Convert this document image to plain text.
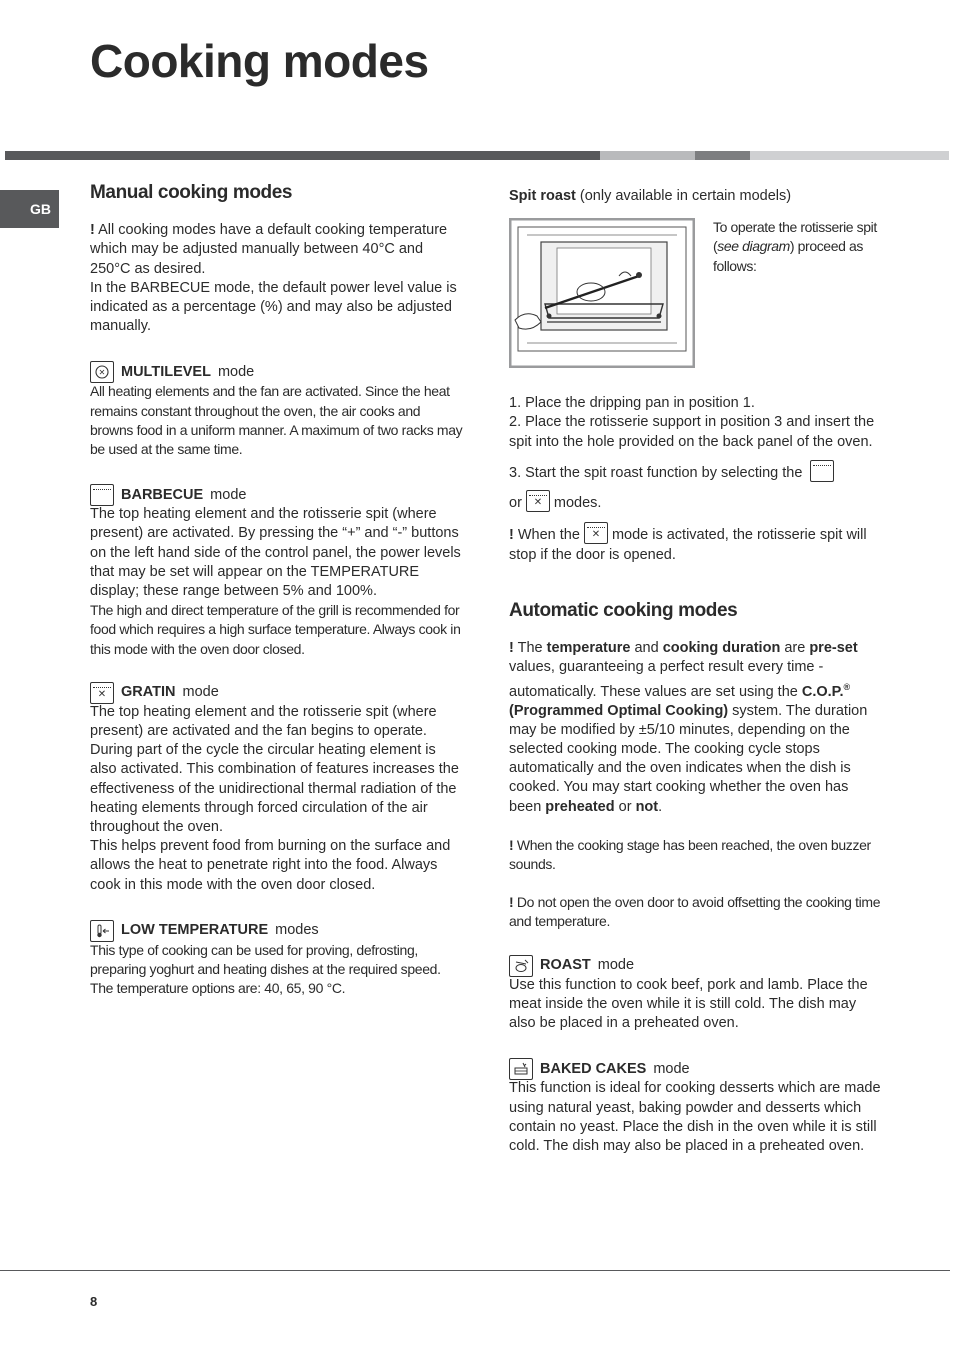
Cooking modes
GB
Manual cooking modes

! All cooking modes have a default cooking temperature which may be adjusted manually between 40°C and 250°C as desired.

In the BARBECUE mode, the default power level value is indicated as a percentage (%) and may also be adjusted manually.

✕ MULTILEVEL mode

All heating elements and the fan are activated. Since the heat remains constant throughout the oven, the air cooks and browns food in a uniform manner. A maximum of two racks may be used at the same time.

BARBECUE mode

The top heating element and the rotisserie spit (where present) are activated. By pressing the “+” and “-” buttons on the left hand side of the control panel, the power levels that may be set will appear on the TEMPERATURE display; these range between 5% and 100%.

The high and direct temperature of the grill is recommended for food which requires a high surface temperature. Always cook in this mode with the oven door closed.

✕ GRATIN mode

The top heating element and the rotisserie spit (where present) are activated and the fan begins to operate. During part of the cycle the circular heating element is also activated. This combination of features increases the effectiveness of the unidirectional thermal radiation of the heating elements through forced circulation of the air throughout the oven.

This helps prevent food from burning on the surface and allows the heat to penetrate right into the food. Always cook in this mode with the oven door closed.

LOW TEMPERATURE modes

This type of cooking can be used for proving, defrosting, preparing yoghurt and heating dishes at the required speed. The temperature options are: 40, 65, 90 °C.

Spit roast (only available in certain models)

To operate the rotisserie spit (see diagram) proceed as follows:

1. Place the dripping pan in position 1.

2. Place the rotisserie support in position 3 and insert the spit into the hole provided on the back panel of the oven.

3. Start the spit roast function by selecting the

or ✕ modes.

! When the ✕ mode is activated, the rotisserie spit will stop if the door is opened.

Automatic cooking modes

! The temperature and cooking duration are pre-set values, guaranteeing a perfect result every time - automatically. These values are set using the C.O.P.® (Programmed Optimal Cooking) system. The duration may be modified by ±5/10 minutes, depending on the selected cooking mode. The cooking cycle stops automatically and the oven indicates when the dish is cooked. You may start cooking whether the oven has been preheated or not.

! When the cooking stage has been reached, the oven buzzer sounds.

! Do not open the oven door to avoid offsetting the cooking time and temperature.

ROAST mode

Use this function to cook beef, pork and lamb. Place the meat inside the oven while it is still cold. The dish may also be placed in a preheated oven.

BAKED CAKES mode

This function is ideal for cooking desserts which are made using natural yeast, baking powder and desserts which contain no yeast. Place the dish in the oven while it is still cold. The dish may also be placed in a preheated oven.

8
